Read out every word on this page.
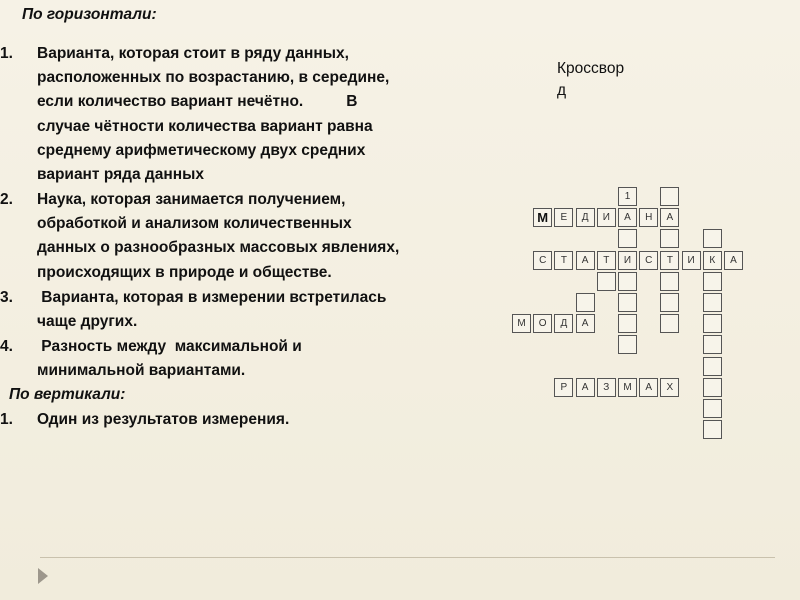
По горизонтали:
1. Варианта, которая стоит в ряду данных,
расположенных по возрастанию, в середине,
если количество вариант нечётно.          В
случае чётности количества вариант равна
среднему арифметическому двух средних
вариант ряда данных
2. Наука, которая занимается получением,
обработкой и анализом количественных
данных о разнообразных массовых явлениях,
происходящих в природе и обществе.
3. Варианта, которая в измерении встретилась
чаще других.
4. Разность между  максимальной и
минимальной вариантами.
По вертикали:
1. Один из результатов измерения.
Кроссвор
д
1
М	Е	Д	И	А	Н	А
С	Т	А	Т	И	С	Т	И	К	А
М	О	Д	А
Р	А	З	М	А	Х
